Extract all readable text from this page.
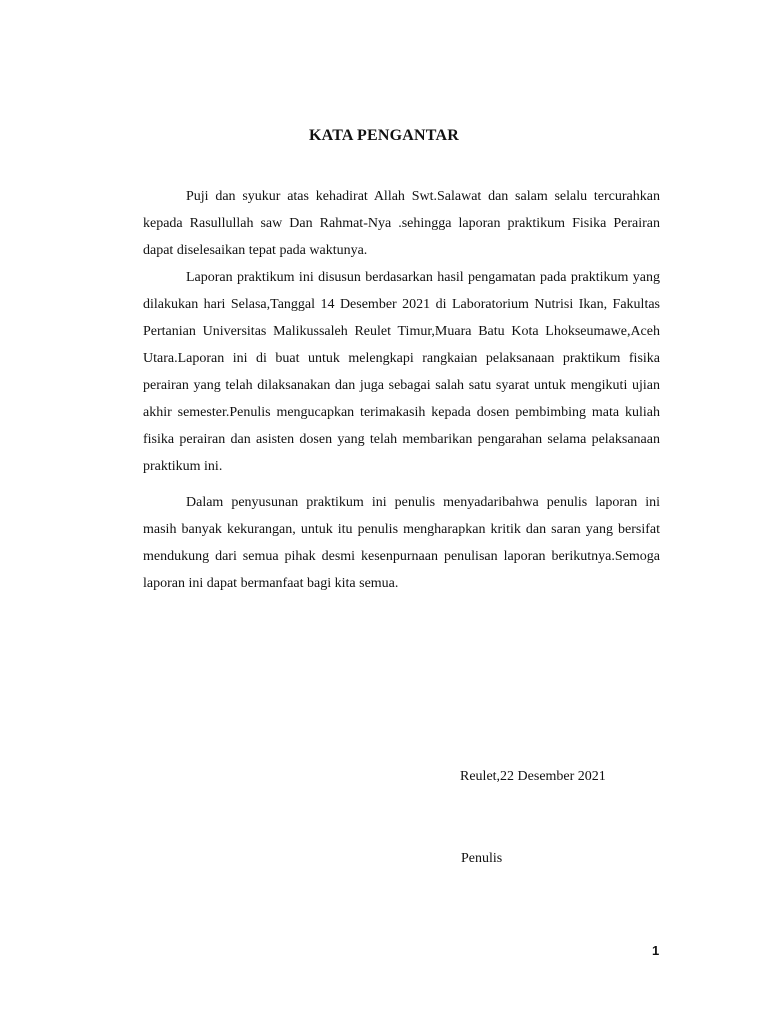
KATA PENGANTAR

Puji dan syukur atas kehadirat Allah Swt.Salawat dan salam selalu tercurahkan kepada Rasullullah saw Dan Rahmat-Nya .sehingga laporan praktikum Fisika Perairan dapat diselesaikan tepat pada waktunya.

Laporan praktikum ini disusun berdasarkan hasil pengamatan pada praktikum yang dilakukan hari Selasa,Tanggal 14 Desember 2021 di Laboratorium Nutrisi Ikan, Fakultas Pertanian Universitas Malikussaleh Reulet Timur,Muara Batu Kota Lhokseumawe,Aceh Utara.Laporan ini di buat untuk melengkapi rangkaian pelaksanaan praktikum fisika perairan yang telah dilaksanakan dan juga sebagai salah satu syarat untuk mengikuti ujian akhir semester.Penulis mengucapkan terimakasih kepada dosen pembimbing mata kuliah fisika perairan dan asisten dosen yang telah membarikan pengarahan selama pelaksanaan praktikum ini.

Dalam penyusunan praktikum ini penulis menyadaribahwa penulis laporan ini masih banyak kekurangan, untuk itu penulis mengharapkan kritik dan saran yang bersifat mendukung dari semua pihak desmi kesenpurnaan penulisan laporan berikutnya.Semoga laporan ini dapat bermanfaat bagi kita semua.

Reulet,22 Desember 2021

Penulis

1
